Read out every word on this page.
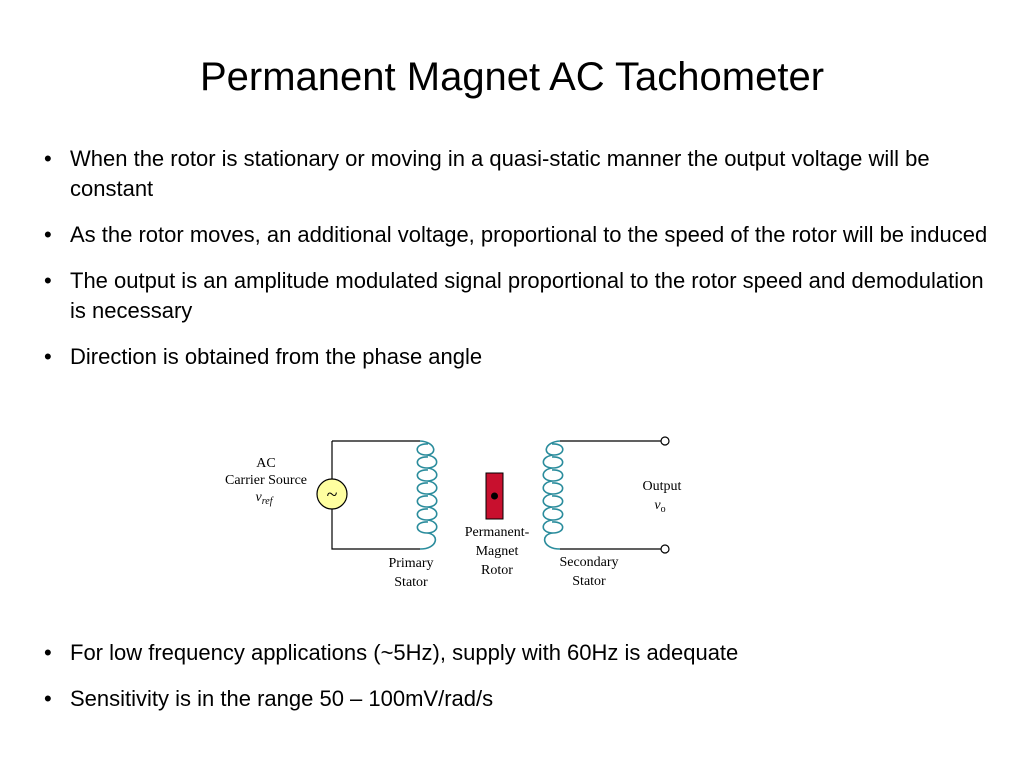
Permanent Magnet AC Tachometer
• When the rotor is stationary or moving in a quasi-static manner the output voltage will be constant
• As the rotor moves, an additional voltage, proportional to the speed of the rotor will be induced
• The output is an amplitude modulated signal proportional to the rotor speed and demodulation is necessary
• Direction is obtained from the phase angle
~
AC
Carrier Source
$v_{ref}$
Primary
Stator
Permanent-
Magnet
Rotor
Secondary
Stator
Output
$v_o$
• For low frequency applications (~5Hz), supply with 60Hz is adequate
• Sensitivity is in the range 50 – 100mV/rad/s
